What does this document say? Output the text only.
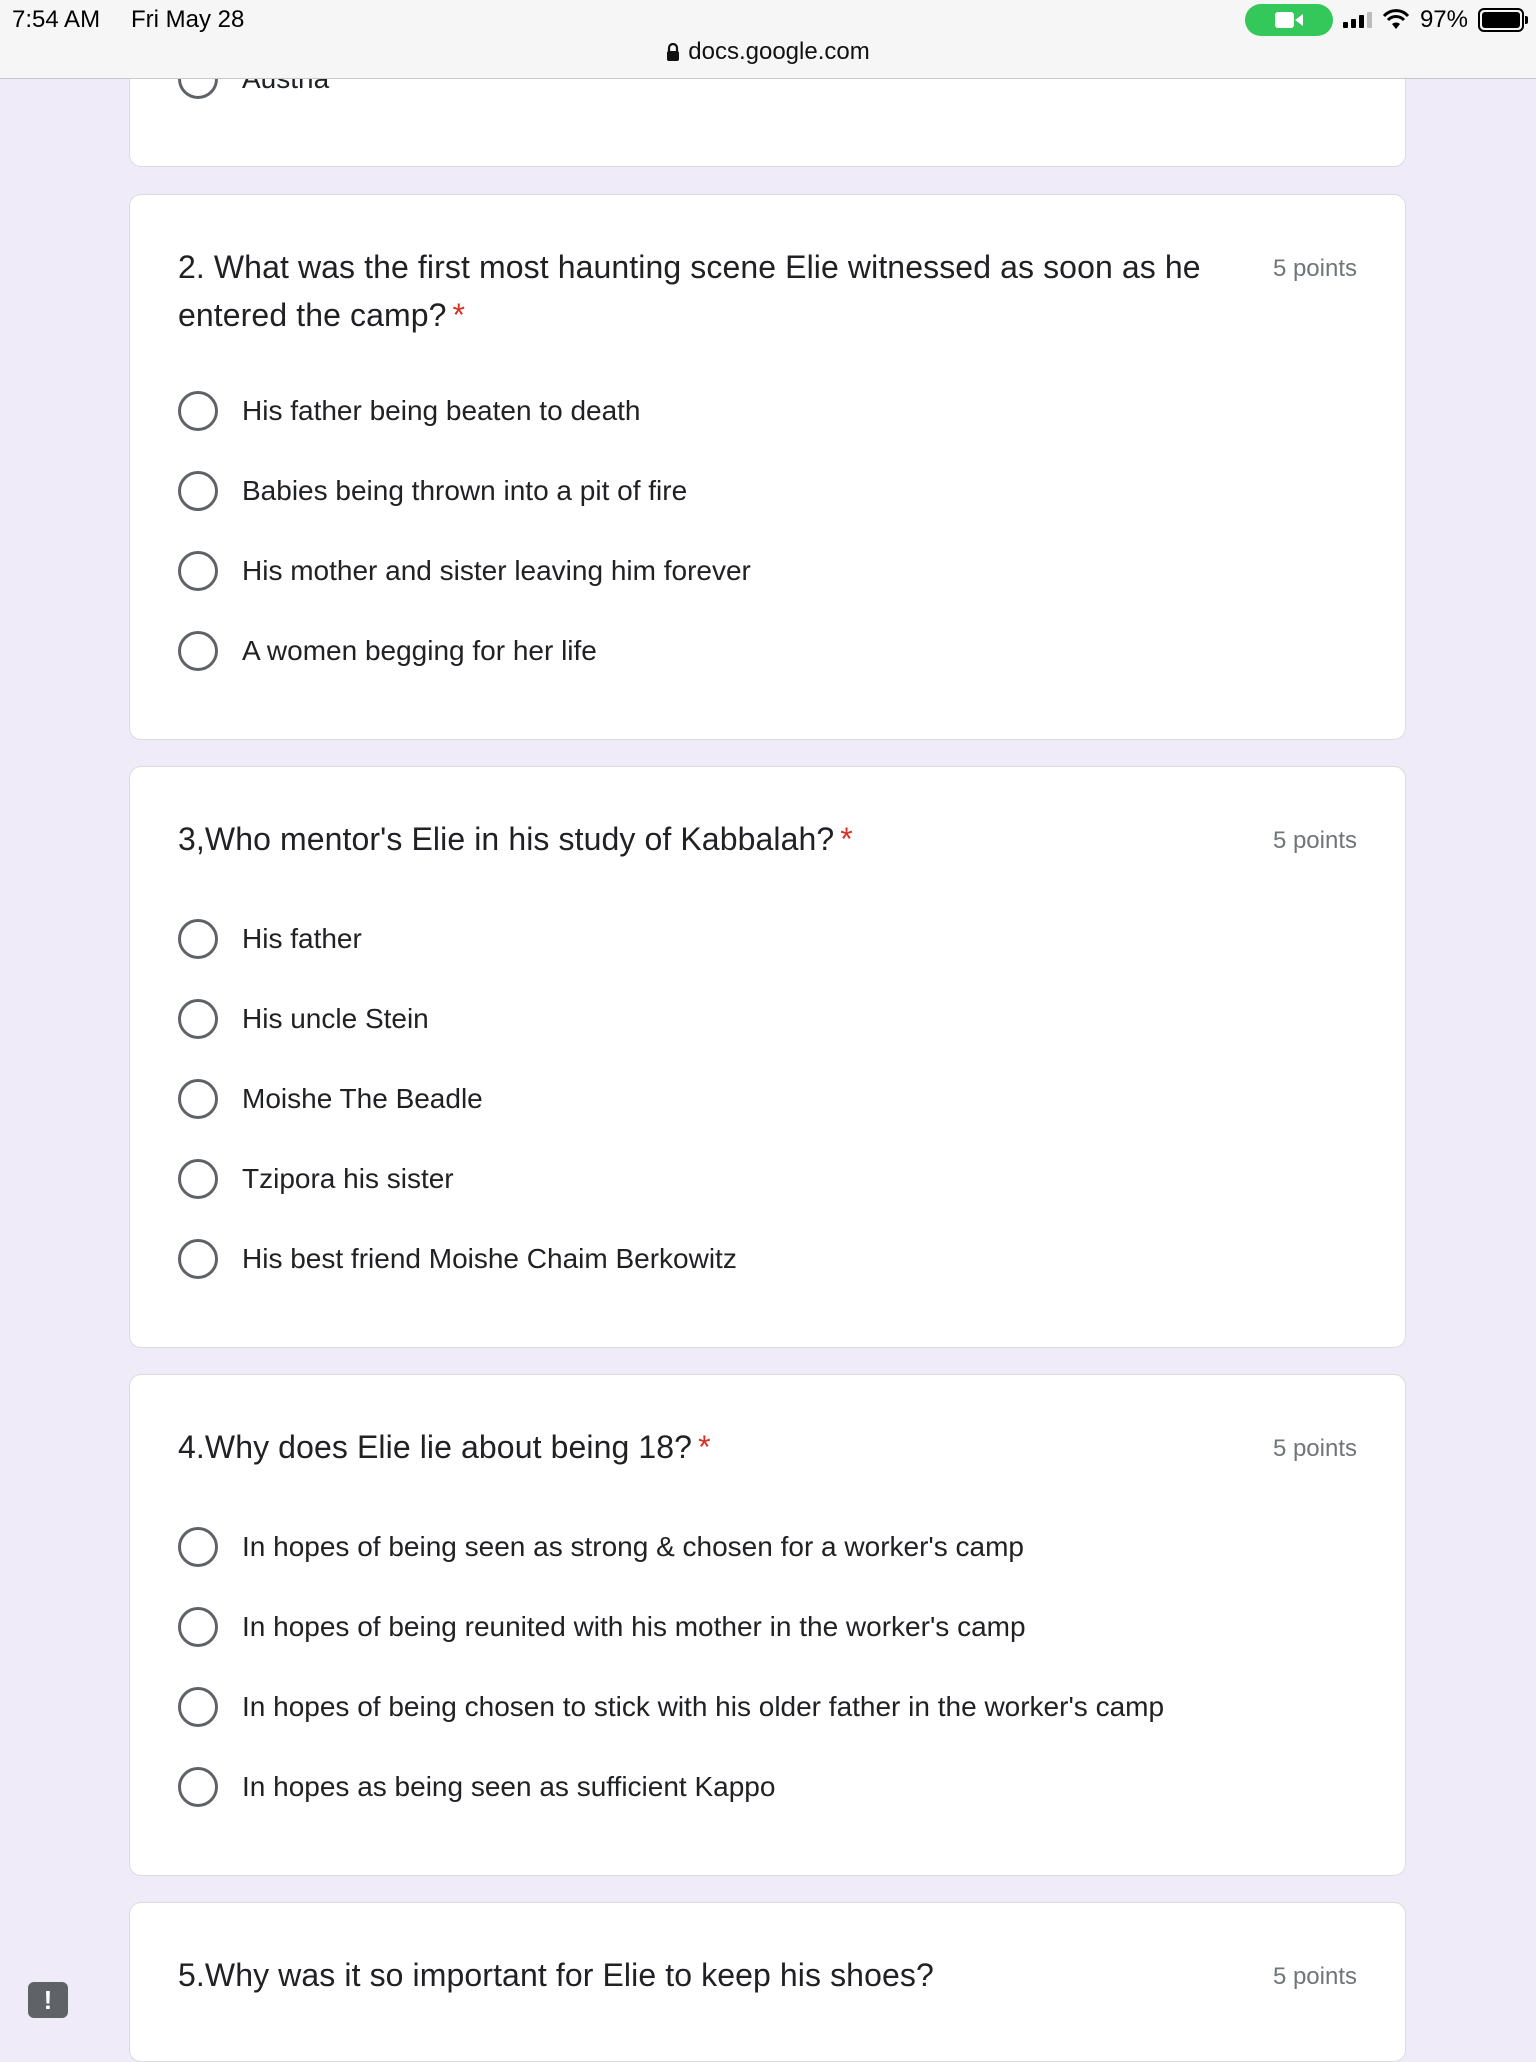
7:54 AM Fri May 28	97%
docs.google.com
2. What was the first most haunting scene Elie witnessed as soon as he entered the camp? *
5 points
His father being beaten to death
Babies being thrown into a pit of fire
His mother and sister leaving him forever
A women begging for her life
3,Who mentor's Elie in his study of Kabbalah? *	5 points
His father
His uncle Stein
Moishe The Beadle
Tzipora his sister
His best friend Moishe Chaim Berkowitz
4.Why does Elie lie about being 18? *	5 points
In hopes of being seen as strong & chosen for a worker's camp
In hopes of being reunited with his mother in the worker's camp
In hopes of being chosen to stick with his older father in the worker's camp
In hopes as being seen as sufficient Kappo
5.Why was it so important for Elie to keep his shoes?	5 points
!
